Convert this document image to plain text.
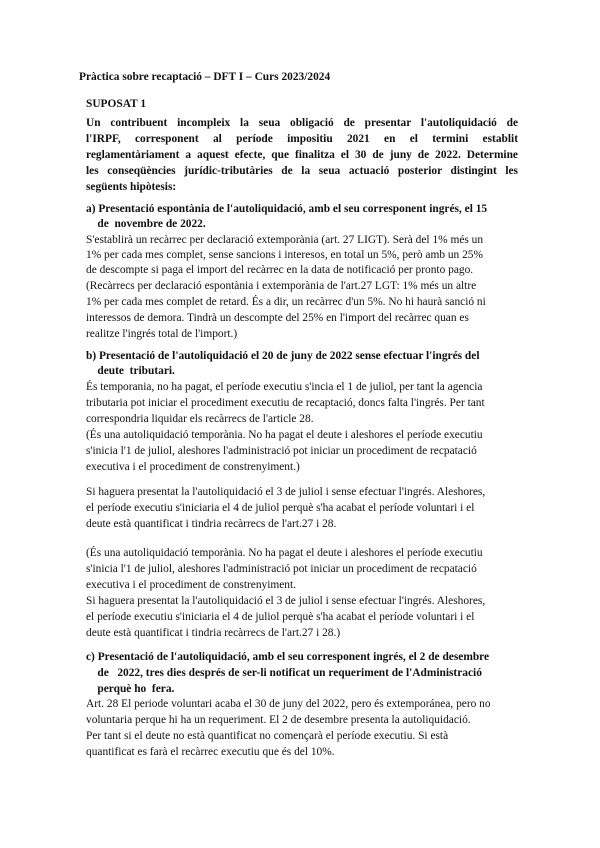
Pràctica sobre recaptació – DFT I – Curs 2023/2024
SUPOSAT 1
Un contribuent incompleix la seua obligació de presentar l'autoliquidació de
l'IRPF, corresponent al període impositiu 2021 en el termini establit
reglamentàriament a aquest efecte, que finalitza el 30 de juny de 2022. Determine
les conseqüències jurídic-tributàries de la seua actuació posterior distingint les
següents hipòtesis:
a) Presentació espontània de l'autoliquidació, amb el seu corresponent ingrés, el 15
de  novembre de 2022.
S'establirà un recàrrec per declaració extemporània (art. 27 LIGT). Serà del 1% més un
1% per cada mes complet, sense sancions i interesos, en total un 5%, però amb un 25%
de descompte si paga el import del recàrrec en la data de notificació per pronto pago.
(Recàrrecs per declaració espontània i extemporània de l'art.27 LGT: 1% més un altre
1% per cada mes complet de retard. És a dir, un recàrrec d'un 5%. No hi haurà sanció ni
interessos de demora. Tindrà un descompte del 25% en l'import del recàrrec quan es
realitze l'ingrés total de l'import.)
b) Presentació de l'autoliquidació el 20 de juny de 2022 sense efectuar l'ingrés del
deute  tributari.
És temporania, no ha pagat, el període executiu s'incia el 1 de juliol, per tant la agencia
tributaria pot iniciar el procediment executiu de recaptació, doncs falta l'ingrés. Per tant
correspondria liquidar els recàrrecs de l'article 28.
(És una autoliquidació temporània. No ha pagat el deute i aleshores el període executiu
s'inicia l'1 de juliol, aleshores l'administració pot iniciar un procediment de recpatació
executiva i el procediment de constrenyiment.)
Si haguera presentat la l'autoliquidació el 3 de juliol i sense efectuar l'ingrés. Aleshores,
el període executiu s'iniciaria el 4 de juliol perquè s'ha acabat el període voluntari i el
deute està quantificat i tindria recàrrecs de l'art.27 i 28.
(És una autoliquidació temporània. No ha pagat el deute i aleshores el període executiu
s'inicia l'1 de juliol, aleshores l'administració pot iniciar un procediment de recpatació
executiva i el procediment de constrenyiment.
Si haguera presentat la l'autoliquidació el 3 de juliol i sense efectuar l'ingrés. Aleshores,
el període executiu s'iniciaria el 4 de juliol perquè s'ha acabat el període voluntari i el
deute està quantificat i tindria recàrrecs de l'art.27 i 28.)
c) Presentació de l'autoliquidació, amb el seu corresponent ingrés, el 2 de desembre
de   2022, tres dies després de ser-li notificat un requeriment de l'Administració
perquè ho  fera.
Art. 28 El periode voluntari acaba el 30 de juny del 2022, pero és extemporánea, pero no
voluntaria perque hi ha un requeriment. El 2 de desembre presenta la autoliquidació.
Per tant si el deute no està quantificat no començarà el període executiu. Si està
quantificat es farà el recàrrec executiu que és del 10%.
